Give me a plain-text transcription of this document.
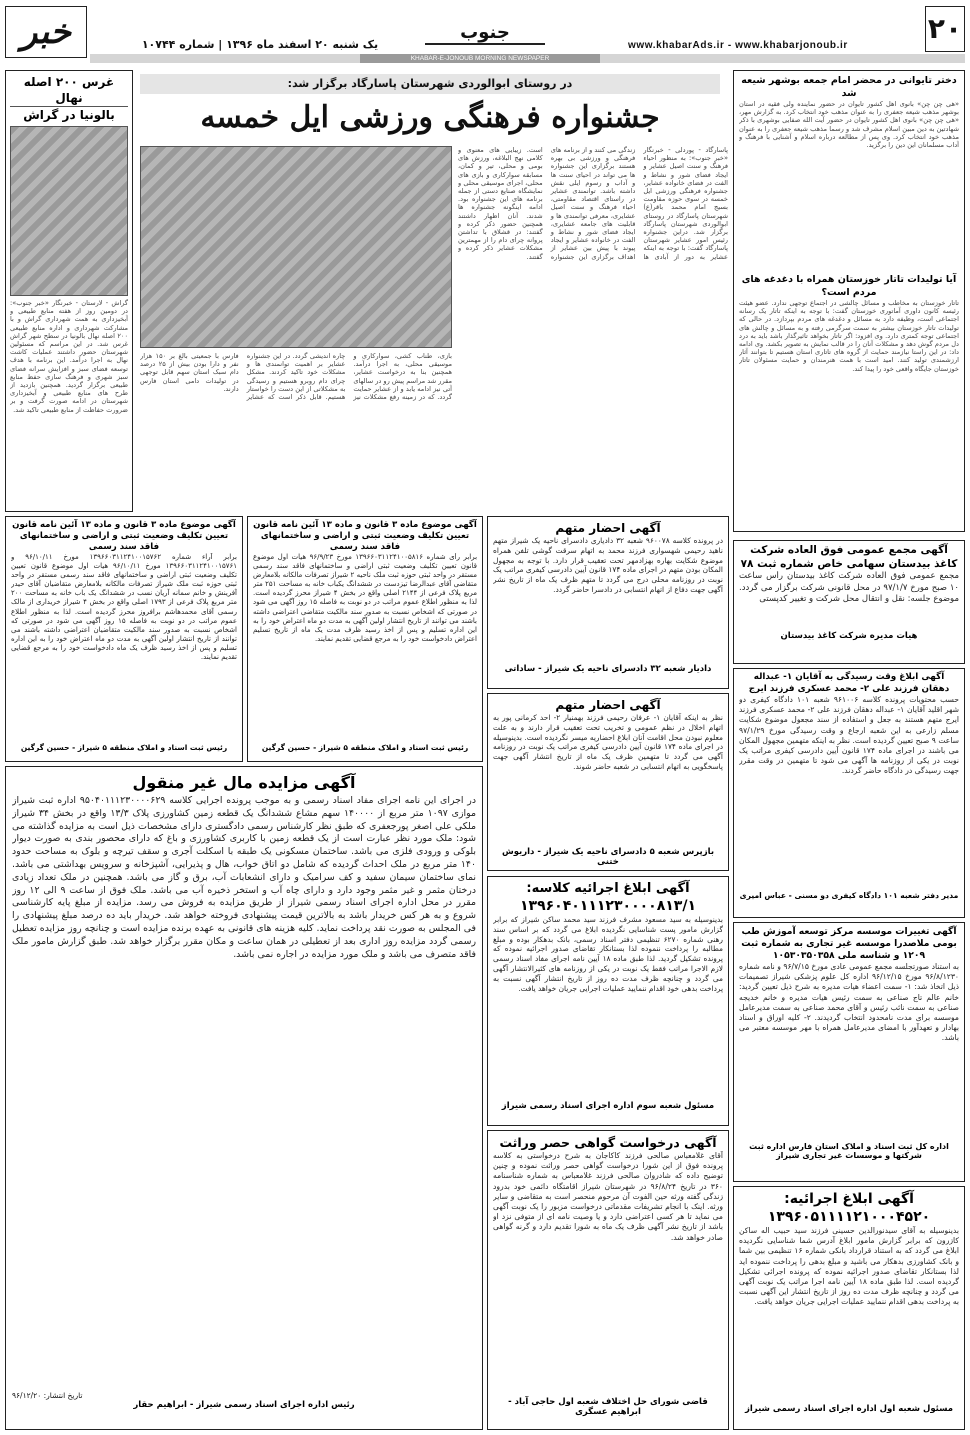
۲۰
www.khabarAds.ir - www.khabarjonoub.ir
جنوب
یک شنبه ۲۰ اسفند ماه ۱۳۹۶ | شماره ۱۰۷۴۴
خبر
KHABAR-E-JONOUB MORNING NEWSPAPER
دختر تایوانی در محضر امام جمعه بوشهر شیعه شد
«هی چن چن» بانوی اهل کشور تایوان در حضور نماینده ولی فقیه در استان بوشهر مذهب شیعه جعفری را به عنوان مذهب خود انتخاب کرد. به گزارش مهر، «هی چن چن» بانوی اهل کشور تایوان در حضور آیت الله صفایی بوشهری با ذکر شهادتین به دین مبین اسلام مشرف شد و رسما مذهب شیعه جعفری را به عنوان مذهب خود انتخاب کرد. وی پس از مطالعه درباره اسلام و آشنایی با فرهنگ و آداب مسلمانان این دین را برگزید.
آیا تولیدات تاتار خوزستان همراه با دغدغه های مردم است؟
تاتار خوزستان به مخاطب و مسائل چالشی در اجتماع توجهی ندارد. عضو هیئت رئیسه کانون داوری آماتوری خوزستان گفت: با توجه به اینکه تاتار یک رسانه اجتماعی است، وظیفه دارد به مسائل و دغدغه های مردم بپردازد. در حالی که تولیدات تاتار خوزستان بیشتر به سمت سرگرمی رفته و به مسائل و چالش های اجتماعی توجه کمتری دارد. وی افزود: اگر تاتار بخواهد تاثیرگذار باشد باید به درد دل مردم گوش دهد و مشکلات آنان را در قالب نمایش به تصویر بکشد. وی ادامه داد: در این راستا نیازمند حمایت از گروه های تاتاری استان هستیم تا بتوانند آثار ارزشمندی تولید کنند. امید است با همت هنرمندان و حمایت مسئولان تاتار خوزستان جایگاه واقعی خود را پیدا کند.
در روستای ابوالوردی شهرستان پاسارگاد برگزار شد:
جشنواره فرهنگی ورزشی ایل خمسه
پاسارگاد - پوردلی - خبرنگار «خبر جنوب»: به منظور احیاء فرهنگ و سنت اصیل عشایر و ایجاد فضای شور و نشاط و الفت در فضای خانواده عشایر، جشنواره فرهنگی ورزشی ایل خمسه در سوی حوزه مقاومت بسیج امام محمد باقر(ع) شهرستان پاسارگاد در روستای ابوالوردی شهرستان پاسارگاد برگزار شد. دراین جشنواره رئیس امور عشایر شهرستان پاسارگاد گفت: با توجه به اینکه عشایر به دور از آبادی ها زندگی می کنند و از برنامه های فرهنگی و ورزشی بی بهره هستند برگزاری این جشنواره ها می تواند در احیای سنت ها و آداب و رسوم ایلی نقش داشته باشد. توانمندی عشایر در راستای اقتصاد مقاومتی، احیاء فرهنگ و سنت اصیل عشایری، معرفی توانمندی ها و قابلیت های جامعه عشایری، ایجاد فضای شور و نشاط و الفت در خانواده عشایر و ایجاد پیوند با پیش بین عشایر از اهداف برگزاری این جشنواره است. زیبایی های معنوی و کلامی نهج البلاغه، ورزش های بومی و محلی، تیر و کمان، مسابقه سوارکاری و بازی های محلی، اجرای موسیقی محلی و نمایشگاه صنایع دستی از جمله برنامه های این جشنواره بود. ادامه اینگونه جشنواره ها شدند. آنان اظهار داشتند همچنین حضور ذکر کرده و گفتند: در قشلاق با تداشتن پروانه چرای دام را از مهمترین مشکلات عشایر ذکر کرده و گفتند.
بازی، طناب کشی، سوارکاری و موسیقی محلی، به اجرا درآمد. همچنین بنا به درخواست عشایر، مقرر شد مراسم پیش رو در سالهای آتی نیز ادامه یابد و از عشایر حمایت گردد. که در زمینه رفع مشکلات نیز چاره اندیشی گردد. در این جشنواره عشایر بر اهمیت توانمندی ها و مشکلات خود تاکید کردند. مشکل چرای دام روبرو هستیم و رسیدگی به مشکلاتی از این دست را خواستار هستیم. قابل ذکر است که عشایر فارس با جمعیتی بالغ بر ۱۵۰ هزار نفر و دارا بودن بیش از ۲۵ درصد دام سبک استان سهم قابل توجهی در تولیدات دامی استان فارس دارند.
غرس ۲۰۰ اصله نهال
بالونیا در گراش
گراش - لارستان - خبرنگار «خبر جنوب»: در دومین روز از هفته منابع طبیعی و آبخیزداری به همت شهرداری گراش و با مشارکت شهرداری و اداره منابع طبیعی ۲۰۰ اصله نهال بالونیا در سطح شهر گراش غرس شد. در این مراسم که مسئولین شهرستان حضور داشتند عملیات کاشت نهال به اجرا درآمد. این برنامه با هدف توسعه فضای سبز و افزایش سرانه فضای سبز شهری و فرهنگ سازی حفظ منابع طبیعی برگزار گردید. همچنین بازدید از طرح های منابع طبیعی و آبخیزداری شهرستان در ادامه صورت گرفت و بر ضرورت حفاظت از منابع طبیعی تاکید شد.
آگهی احضار متهم
در پرونده کلاسه ۹۶۰۰۷۸ شعبه ۳۲ دادیاری دادسرای ناحیه یک شیراز متهم ناهید رحیمی شهسواری فرزند محمد به اتهام سرقت گوشی تلفن همراه موضوع شکایت بهاره بهزادمهر تحت تعقیب قرار دارد. با توجه به مجهول المکان بودن متهم در اجرای ماده ۱۷۴ قانون آیین دادرسی کیفری مراتب یک نوبت در روزنامه محلی درج می گردد تا متهم ظرف یک ماه از تاریخ نشر آگهی جهت دفاع از اتهام انتسابی در دادسرا حاضر گردد.
دادیار شعبه ۳۲ دادسرای ناحیه یک شیراز - ساداتی
آگهی احضار متهم
نظر به اینکه آقایان ۱- عرفان رحیمی فرزند بهمنیار ۲- احد کرمانی پور به اتهام اخلال در نظم عمومی و تخریب تحت تعقیب قرار دارند و به علت معلوم نبودن محل اقامت آنان ابلاغ احضاریه میسر نگردیده است. بدینوسیله در اجرای ماده ۱۷۴ قانون آیین دادرسی کیفری مراتب یک نوبت در روزنامه آگهی می گردد تا متهمین ظرف یک ماه از تاریخ انتشار آگهی جهت پاسخگویی به اتهام انتسابی در شعبه حاضر شوند.
بازپرس شعبه ۵ دادسرای ناحیه یک شیراز - داریوش ختنی
آگهی ابلاغ اجرائیه کلاسه:
۱۳۹۶۰۴۰۱۱۱۲۳۰۰۰۰۸۱۳/۱
بدینوسیله به سید مسعود مشرف فرزند سید محمد ساکن شیراز که برابر گزارش مامور پست شناسایی نگردیده ابلاغ می گردد که بر اساس سند رهنی شماره ۶۲۷۰ تنظیمی دفتر اسناد رسمی، بانک بدهکار بوده و مبلغ مطالبه را پرداخت ننموده لذا بستانکار تقاضای صدور اجرائیه نموده که پرونده تشکیل گردید. لذا طبق ماده ۱۸ آیین نامه اجرای مفاد اسناد رسمی لازم الاجرا مراتب فقط یک نوبت در یکی از روزنامه های کثیرالانتشار آگهی می گردد و چنانچه ظرف مدت ده روز از تاریخ انتشار آگهی نسبت به پرداخت بدهی خود اقدام ننمایید عملیات اجرایی جریان خواهد یافت.
مسئول شعبه سوم اداره اجرای اسناد رسمی شیراز
آگهی درخواست گواهی حصر وراثت
آقای غلامعباس صالحی فرزند کاکاجان به شرح درخواستی به کلاسه پرونده فوق از این شورا درخواست گواهی حصر وراثت نموده و چنین توضیح داده که شادروان صالحی فرزند غلامعباس به شماره شناسنامه ۳۶۰ در تاریخ ۹۶/۸/۲۴ در شهرستان شیراز اقامتگاه دائمی خود بدرود زندگی گفته ورثه حین الفوت آن مرحوم منحصر است به متقاضی و سایر ورثه. اینک با انجام تشریفات مقدماتی درخواست مزبور را یک نوبت آگهی می نماید تا هر کسی اعتراضی دارد و یا وصیت نامه ای از متوفی نزد او باشد از تاریخ نشر آگهی ظرف یک ماه به شورا تقدیم دارد و گرنه گواهی صادر خواهد شد.
قاضی شورای حل اختلاف شعبه اول حاجی آباد - ابراهیم عسگری
آگهی موضوع ماده ۳ قانون و ماده ۱۳ آئین نامه قانون تعیین تکلیف وضعیت ثبتی و اراضی و ساختمانهای فاقد سند رسمی
برابر رأی شماره ۱۳۹۶۶۰۳۱۱۲۴۱۰۰۵۸۱۶ مورخ ۹۶/۹/۲۳ هیات اول موضوع قانون تعیین تکلیف وضعیت ثبتی اراضی و ساختمانهای فاقد سند رسمی مستقر در واحد ثبتی حوزه ثبت ملک ناحیه ۲ شیراز تصرفات مالکانه بلامعارض متقاضی آقای عبدالرضا تیزدست در ششدانگ یکباب خانه به مساحت ۲۵۱ متر مربع پلاک فرعی از ۲۱۴۴ اصلی واقع در بخش ۴ شیراز محرز گردیده است. لذا به منظور اطلاع عموم مراتب در دو نوبت به فاصله ۱۵ روز آگهی می شود در صورتی که اشخاص نسبت به صدور سند مالکیت متقاضی اعتراضی داشته باشند می توانند از تاریخ انتشار اولین آگهی به مدت دو ماه اعتراض خود را به این اداره تسلیم و پس از اخذ رسید ظرف مدت یک ماه از تاریخ تسلیم اعتراض دادخواست خود را به مرجع قضایی تقدیم نمایند.
رئیس ثبت اسناد و املاک منطقه ۵ شیراز - حسین گرگین
آگهی موضوع ماده ۳ قانون و ماده ۱۳ آئین نامه قانون تعیین تکلیف وضعیت ثبتی و اراضی و ساختمانهای فاقد سند رسمی
برابر آراء شماره ۱۳۹۶۶۰۳۱۱۲۴۱۰۰۱۵۷۶۲ مورخ ۹۶/۱۰/۱۱ و ۱۳۹۶۶۰۳۱۱۲۴۱۰۰۱۵۷۶۱ مورخ ۹۶/۱۰/۱۱ هیات اول موضوع قانون تعیین تکلیف وضعیت ثبتی اراضی و ساختمانهای فاقد سند رسمی مستقر در واحد ثبتی حوزه ثبت ملک شیراز تصرفات مالکانه بلامعارض متقاضیان آقای حیدر آفرینش و خانم سمانه آریان نسب در ششدانگ یک باب خانه به مساحت ۲۰۰ متر مربع پلاک فرعی از ۱۷۹۳ اصلی واقع در بخش ۴ شیراز خریداری از مالک رسمی آقای محمدهاشم برافروز محرز گردیده است. لذا به منظور اطلاع عموم مراتب در دو نوبت به فاصله ۱۵ روز آگهی می شود در صورتی که اشخاص نسبت به صدور سند مالکیت متقاضیان اعتراضی داشته باشند می توانند از تاریخ انتشار اولین آگهی به مدت دو ماه اعتراض خود را به این اداره تسلیم و پس از اخذ رسید ظرف یک ماه دادخواست خود را به مرجع قضایی تقدیم نمایند.
رئیس ثبت اسناد و املاک منطقه ۵ شیراز - حسین گرگین
آگهی مزایده مال غیر منقول
در اجرای این نامه اجرای مفاد اسناد رسمی و به موجب پرونده اجرایی کلاسه ۹۵۰۴۰۱۱۱۲۳۰۰۰۰۶۲۹ اداره ثبت شیراز موازی ۱۰۹۷ متر مربع از ۱۴۰۰۰۰ سهم مشاع ششدانگ یک قطعه زمین کشاورزی پلاک ۱۳/۳ واقع در بخش ۳۴ شیراز ملکی علی اصغر پورجعفری که طبق نظر کارشناس رسمی دادگستری دارای مشخصات ذیل است به مزایده گذاشته می شود: ملک مورد نظر عبارت است از یک قطعه زمین با کاربری کشاورزی و باغ که دارای محصور بندی به صورت دیوار بلوکی و ورودی فلزی می باشد. ساختمان مسکونی یک طبقه با اسکلت آجری و سقف تیرچه و بلوک به مساحت حدود ۱۴۰ متر مربع در ملک احداث گردیده که شامل دو اتاق خواب، هال و پذیرایی، آشپزخانه و سرویس بهداشتی می باشد. نمای ساختمان سیمان سفید و کف سرامیک و دارای انشعابات آب، برق و گاز می باشد. همچنین در ملک تعداد زیادی درختان مثمر و غیر مثمر وجود دارد و دارای چاه آب و استخر ذخیره آب می باشد. ملک فوق از ساعت ۹ الی ۱۲ روز مقرر در محل اداره اجرای اسناد رسمی شیراز از طریق مزایده به فروش می رسد. مزایده از مبلغ پایه کارشناسی شروع و به هر کس خریدار باشد به بالاترین قیمت پیشنهادی فروخته خواهد شد. خریدار باید ده درصد مبلغ پیشنهادی را فی المجلس به صورت نقد پرداخت نماید. کلیه هزینه های قانونی به عهده برنده مزایده است و چنانچه روز مزایده تعطیل رسمی گردد مزایده روز اداری بعد از تعطیلی در همان ساعت و مکان مقرر برگزار خواهد شد. طبق گزارش مامور ملک فاقد متصرف می باشد و ملک مورد مزایده در اجاره نمی باشد.
تاریخ انتشار: ۹۶/۱۲/۲۰
رئیس اداره اجرای اسناد رسمی شیراز - ابراهیم حقار
آگهی مجمع عمومی فوق العاده شرکت کاغذ بیدستان سهامی خاص شماره ثبت ۷۸
مجمع عمومی فوق العاده شرکت کاغذ بیدستان رأس ساعت ۱۰ صبح مورخ ۹۷/۱/۷ در محل قانونی شرکت برگزار می گردد. موضوع جلسه: نقل و انتقال محل شرکت و تغییر کدپستی
هیات مدیره شرکت کاغذ بیدستان
آگهی ابلاغ وقت رسیدگی به آقایان ۱- عبداله دهقان فرزند علی ۲- محمد عسکری فرزند ایرج
حسب محتویات پرونده کلاسه ۹۶۱۰۰۶ شعبه ۱۰۱ دادگاه کیفری دو شهر اقلید آقایان ۱- عبداله دهقان فرزند علی ۲- محمد عسکری فرزند ایرج متهم هستند به جعل و استفاده از سند مجعول موضوع شکایت مسلم زارعی به این شعبه ارجاع و وقت رسیدگی مورخ ۹۷/۱/۲۹ ساعت ۹ صبح تعیین گردیده است. نظر به اینکه متهمین مجهول المکان می باشند در اجرای ماده ۱۷۴ قانون آیین دادرسی کیفری مراتب یک نوبت در یکی از روزنامه ها آگهی می شود تا متهمین در وقت مقرر جهت رسیدگی در دادگاه حاضر گردند.
مدیر دفتر شعبه ۱۰۱ دادگاه کیفری دو مسنی - عباس امیری
آگهی تغییرات موسسه مرکز توسعه آموزش طب بومی ملاصدرا موسسه غیر تجاری به شماره ثبت ۱۲۰۹ و شناسه ملی ۱۰۵۳۰۳۵۰۳۵۸
به استناد صورتجلسه مجمع عمومی عادی مورخ ۹۶/۷/۱۵ و نامه شماره ۹۶/۸/۱۲۳۰ مورخ ۹۶/۱۲/۱۵ اداره کل علوم پزشکی شیراز تصمیمات ذیل اتخاذ شد: ۱- سمت اعضاء هیات مدیره به شرح ذیل تعیین گردید: خانم عالم تاج صناعی به سمت رئیس هیات مدیره و خانم خدیجه صناعی به سمت نائب رئیس و آقای محمد صناعی به سمت مدیرعامل موسسه برای مدت نامحدود انتخاب گردیدند. ۲- کلیه اوراق و اسناد بهادار و تعهدآور با امضای مدیرعامل همراه با مهر موسسه معتبر می باشد.
اداره کل ثبت اسناد و املاک استان فارس اداره ثبت شرکتها و موسسات غیر تجاری شیراز
آگهی ابلاغ اجرائیه:
۱۳۹۶۰۵۱۱۱۱۲۱۰۰۰۴۵۲۰
بدینوسیله به آقای سیدنورالدین حسینی فرزند سید حبیب اله ساکن کازرون که برابر گزارش مامور ابلاغ آدرس شما شناسایی نگردیده ابلاغ می گردد که به استناد قرارداد بانکی شماره ۱۶ تنظیمی بین شما و بانک کشاورزی بدهکار می باشید و مبلغ بدهی را پرداخت ننموده اید لذا بستانکار تقاضای صدور اجرائیه نموده که پرونده اجرائی تشکیل گردیده است. لذا طبق ماده ۱۸ آیین نامه اجرا مراتب یک نوبت آگهی می گردد و چنانچه ظرف مدت ده روز از تاریخ انتشار این آگهی نسبت به پرداخت بدهی اقدام ننمایید عملیات اجرایی جریان خواهد یافت.
مسئول شعبه اول اداره اجرای اسناد رسمی شیراز
